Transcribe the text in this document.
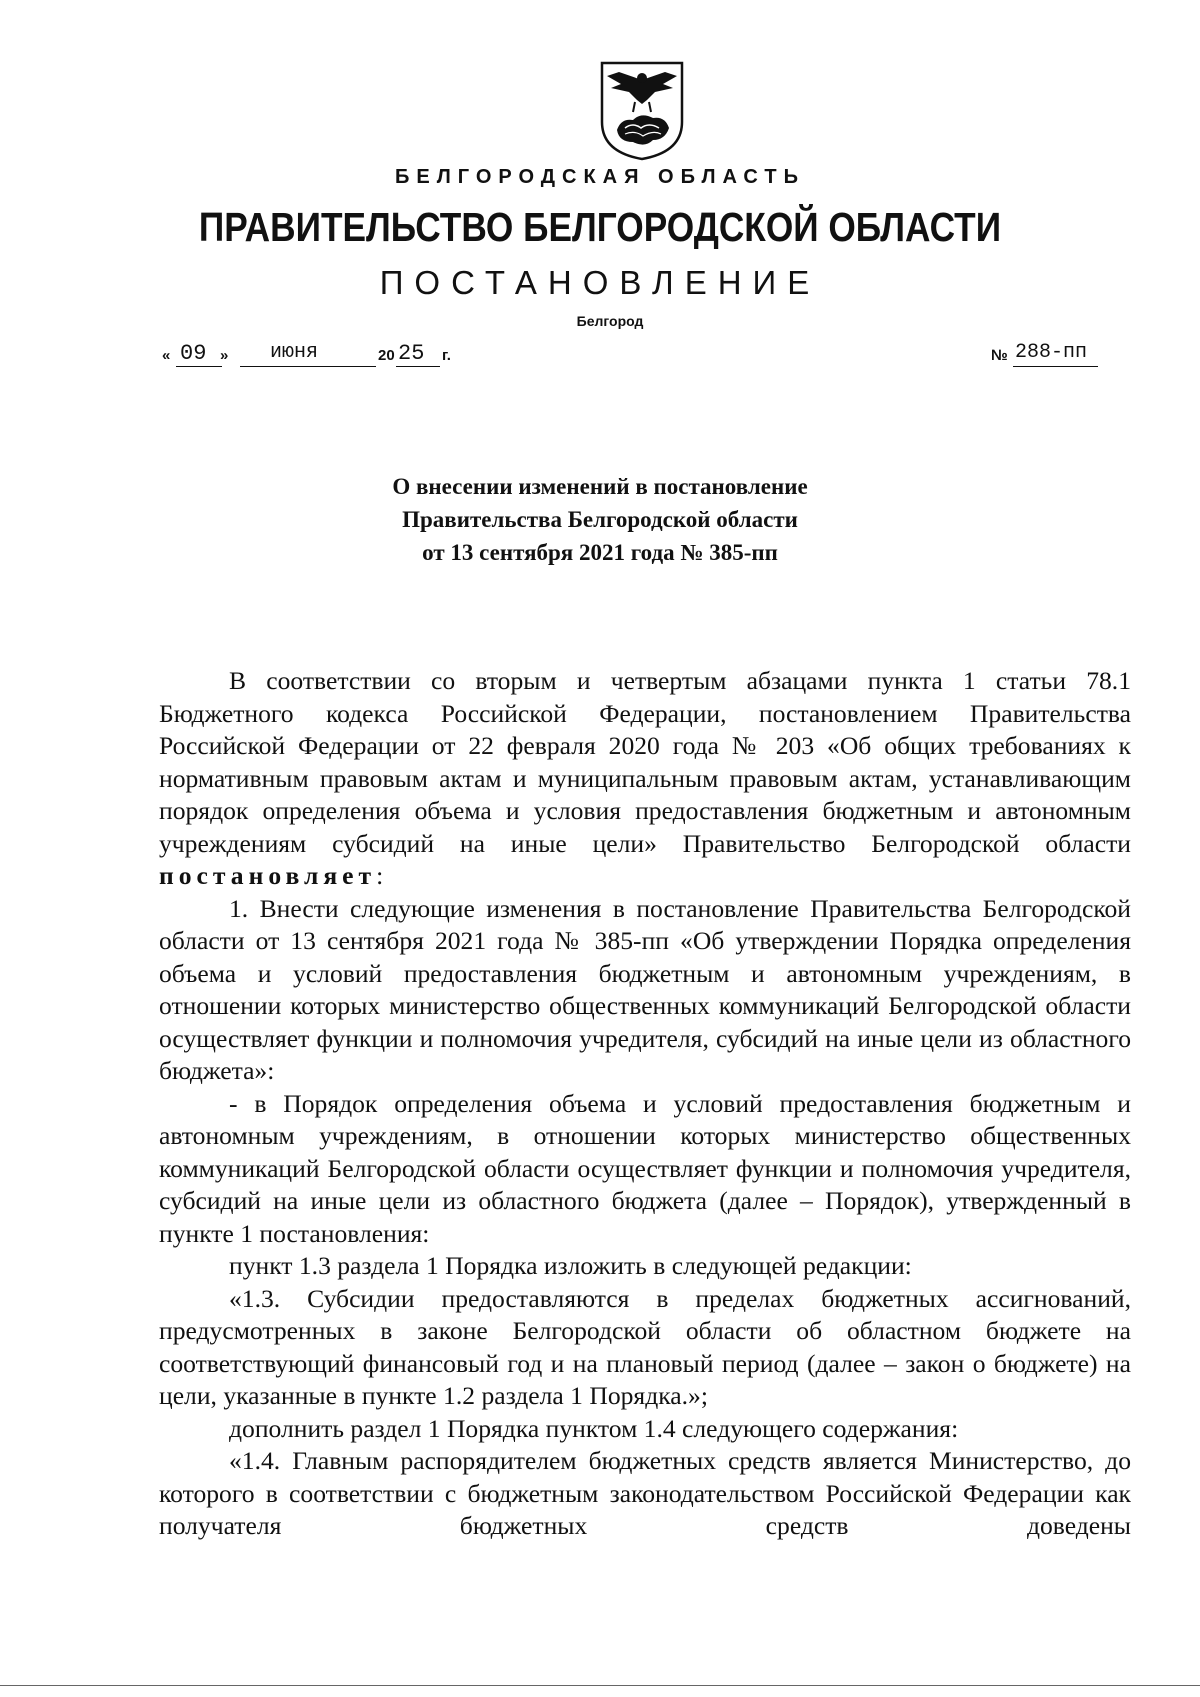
БЕЛГОРОДСКАЯ ОБЛАСТЬ
ПРАВИТЕЛЬСТВО БЕЛГОРОДСКОЙ ОБЛАСТИ
ПОСТАНОВЛЕНИЕ
Белгород
« 09 » июня	20 25 г.	№ 288-пп
О внесении изменений в постановление
Правительства Белгородской области
от 13 сентября 2021 года № 385-пп
В соответствии со вторым и четвертым абзацами пункта 1 статьи 78.1 Бюджетного кодекса Российской Федерации, постановлением Правительства Российской Федерации от 22 февраля 2020 года № 203 «Об общих требованиях к нормативным правовым актам и муниципальным правовым актам, устанавливающим порядок определения объема и условия предоставления бюджетным и автономным учреждениям субсидий на иные цели» Правительство Белгородской области постановляет:
1. Внести следующие изменения в постановление Правительства Белгородской области от 13 сентября 2021 года № 385-пп «Об утверждении Порядка определения объема и условий предоставления бюджетным и автономным учреждениям, в отношении которых министерство общественных коммуникаций Белгородской области осуществляет функции и полномочия учредителя, субсидий на иные цели из областного бюджета»:
- в Порядок определения объема и условий предоставления бюджетным и автономным учреждениям, в отношении которых министерство общественных коммуникаций Белгородской области осуществляет функции и полномочия учредителя, субсидий на иные цели из областного бюджета (далее – Порядок), утвержденный в пункте 1 постановления:
пункт 1.3 раздела 1 Порядка изложить в следующей редакции:
«1.3. Субсидии предоставляются в пределах бюджетных ассигнований, предусмотренных в законе Белгородской области об областном бюджете на соответствующий финансовый год и на плановый период (далее – закон о бюджете) на цели, указанные в пункте 1.2 раздела 1 Порядка.»;
дополнить раздел 1 Порядка пунктом 1.4 следующего содержания:
«1.4. Главным распорядителем бюджетных средств является Министерство, до которого в соответствии с бюджетным законодательством Российской Федерации как получателя бюджетных средств доведены
